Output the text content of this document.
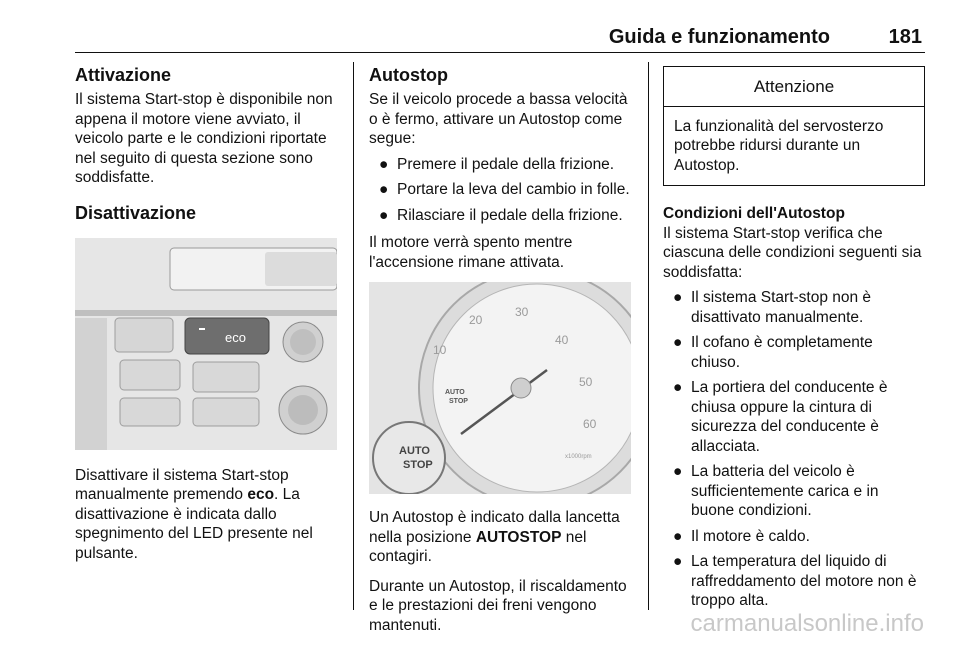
Guida e funzionamento	181
Attivazione

Il sistema Start-stop è disponibile non appena il motore viene avviato, il veicolo parte e le condizioni riportate nel seguito di questa sezione sono soddisfatte.

Disattivazione
eco

Disattivare il sistema Start-stop manualmente premendo eco. La disattivazione è indicata dallo spegnimento del LED presente nel pulsante.

Autostop

Se il veicolo procede a bassa velocità o è fermo, attivare un Autostop come segue:

● Premere il pedale della frizione.
● Portare la leva del cambio in folle.
● Rilasciare il pedale della frizione.

Il motore verrà spento mentre l'accensione rimane attivata.

10
20
30
40
50
60
AUTO
STOP
x1000rpm
AUTO
STOP

Un Autostop è indicato dalla lancetta nella posizione AUTOSTOP nel contagiri.

Durante un Autostop, il riscaldamento e le prestazioni dei freni vengono mantenuti.

Attenzione
La funzionalità del servosterzo potrebbe ridursi durante un Autostop.
Condizioni dell'Autostop

Il sistema Start-stop verifica che ciascuna delle condizioni seguenti sia soddisfatta:

● Il sistema Start-stop non è disattivato manualmente.
● Il cofano è completamente chiuso.
● La portiera del conducente è chiusa oppure la cintura di sicurezza del conducente è allacciata.
● La batteria del veicolo è sufficientemente carica e in buone condizioni.
● Il motore è caldo.
● La temperatura del liquido di raffreddamento del motore non è troppo alta.
carmanualsonline.info
